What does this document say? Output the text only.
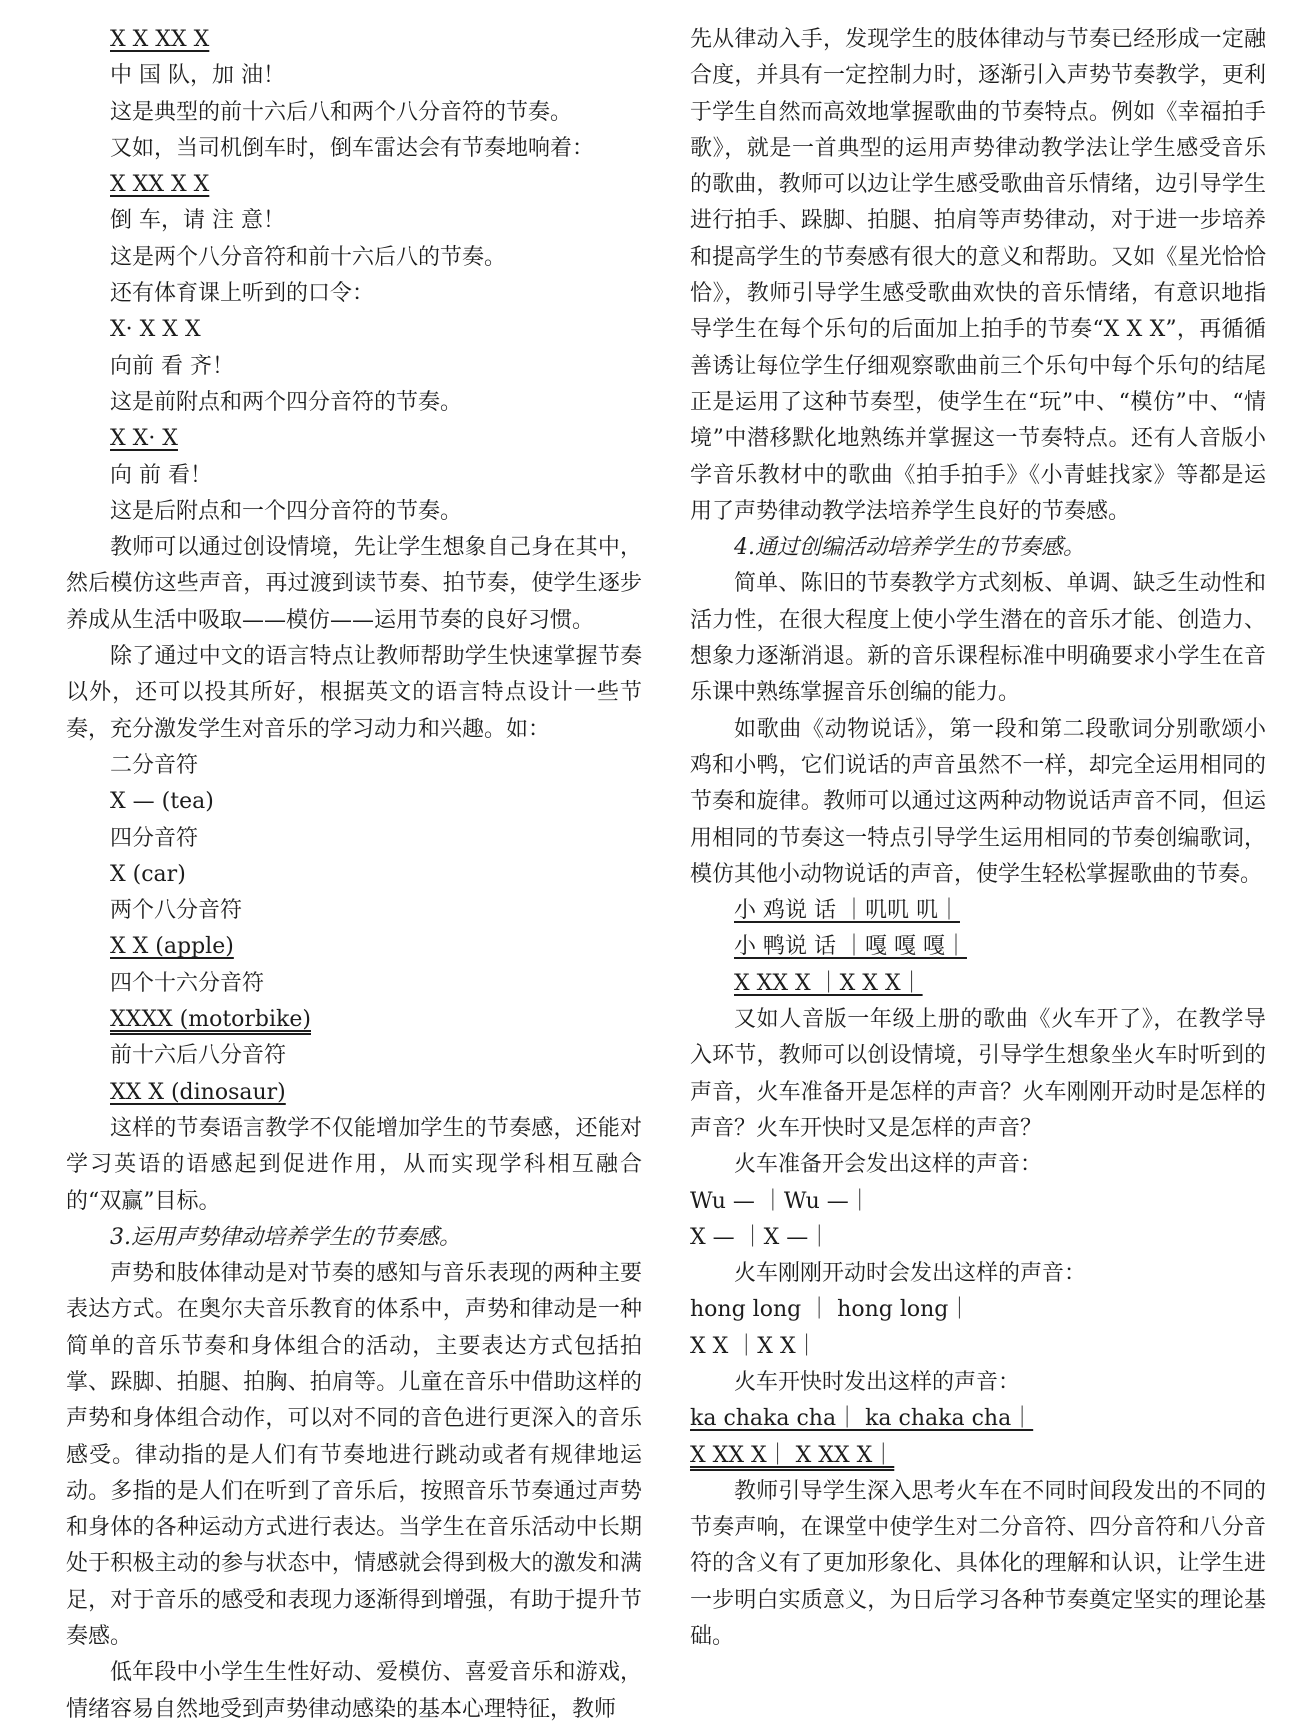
X X XX X
中 国 队，加 油！
这是典型的前十六后八和两个八分音符的节奏。
又如，当司机倒车时，倒车雷达会有节奏地响着：
X XX X X
倒 车，请 注 意！
这是两个八分音符和前十六后八的节奏。
还有体育课上听到的口令：
X· X X X
向前 看 齐！
这是前附点和两个四分音符的节奏。
X X· X
向 前 看！
这是后附点和一个四分音符的节奏。

教师可以通过创设情境，先让学生想象自己身在其中，然后模仿这些声音，再过渡到读节奏、拍节奏，使学生逐步养成从生活中吸取——模仿——运用节奏的良好习惯。

除了通过中文的语言特点让教师帮助学生快速掌握节奏以外，还可以投其所好，根据英文的语言特点设计一些节奏，充分激发学生对音乐的学习动力和兴趣。如：

二分音符
X — (tea)
四分音符
X (car)
两个八分音符
X X (apple)
四个十六分音符
XXXX (motorbike)
前十六后八分音符
XX X (dinosaur)

这样的节奏语言教学不仅能增加学生的节奏感，还能对学习英语的语感起到促进作用，从而实现学科相互融合的“双赢”目标。

3.运用声势律动培养学生的节奏感。

声势和肢体律动是对节奏的感知与音乐表现的两种主要表达方式。在奥尔夫音乐教育的体系中，声势和律动是一种简单的音乐节奏和身体组合的活动，主要表达方式包括拍掌、跺脚、拍腿、拍胸、拍肩等。儿童在音乐中借助这样的声势和身体组合动作，可以对不同的音色进行更深入的音乐感受。律动指的是人们有节奏地进行跳动或者有规律地运动。多指的是人们在听到了音乐后，按照音乐节奏通过声势和身体的各种运动方式进行表达。当学生在音乐活动中长期处于积极主动的参与状态中，情感就会得到极大的激发和满足，对于音乐的感受和表现力逐渐得到增强，有助于提升节奏感。

低年段中小学生生性好动、爱模仿、喜爱音乐和游戏，情绪容易自然地受到声势律动感染的基本心理特征，教师

先从律动入手，发现学生的肢体律动与节奏已经形成一定融合度，并具有一定控制力时，逐渐引入声势节奏教学，更利于学生自然而高效地掌握歌曲的节奏特点。例如《幸福拍手歌》，就是一首典型的运用声势律动教学法让学生感受音乐的歌曲，教师可以边让学生感受歌曲音乐情绪，边引导学生进行拍手、跺脚、拍腿、拍肩等声势律动，对于进一步培养和提高学生的节奏感有很大的意义和帮助。又如《星光恰恰恰》，教师引导学生感受歌曲欢快的音乐情绪，有意识地指导学生在每个乐句的后面加上拍手的节奏“X X X”，再循循善诱让每位学生仔细观察歌曲前三个乐句中每个乐句的结尾正是运用了这种节奏型，使学生在“玩”中、“模仿”中、“情境”中潜移默化地熟练并掌握这一节奏特点。还有人音版小学音乐教材中的歌曲《拍手拍手》《小青蛙找家》等都是运用了声势律动教学法培养学生良好的节奏感。

4.通过创编活动培养学生的节奏感。

简单、陈旧的节奏教学方式刻板、单调、缺乏生动性和活力性，在很大程度上使小学生潜在的音乐才能、创造力、想象力逐渐消退。新的音乐课程标准中明确要求小学生在音乐课中熟练掌握音乐创编的能力。

如歌曲《动物说话》，第一段和第二段歌词分别歌颂小鸡和小鸭，它们说话的声音虽然不一样，却完全运用相同的节奏和旋律。教师可以通过这两种动物说话声音不同，但运用相同的节奏这一特点引导学生运用相同的节奏创编歌词，模仿其他小动物说话的声音，使学生轻松掌握歌曲的节奏。

小 鸡说 话 ｜叽叽 叽｜
小 鸭说 话 ｜嘎 嘎 嘎｜
X XX X ｜X X X｜

又如人音版一年级上册的歌曲《火车开了》，在教学导入环节，教师可以创设情境，引导学生想象坐火车时听到的声音，火车准备开是怎样的声音？火车刚刚开动时是怎样的声音？火车开快时又是怎样的声音？

火车准备开会发出这样的声音：
Wu — ｜Wu —｜
X — ｜X —｜
火车刚刚开动时会发出这样的声音：
hong long ｜ hong long｜
X X ｜X X｜
火车开快时发出这样的声音：
ka chaka cha｜ ka chaka cha｜
X XX X｜ X XX X｜

教师引导学生深入思考火车在不同时间段发出的不同的节奏声响，在课堂中使学生对二分音符、四分音符和八分音符的含义有了更加形象化、具体化的理解和认识，让学生进一步明白实质意义，为日后学习各种节奏奠定坚实的理论基础。
